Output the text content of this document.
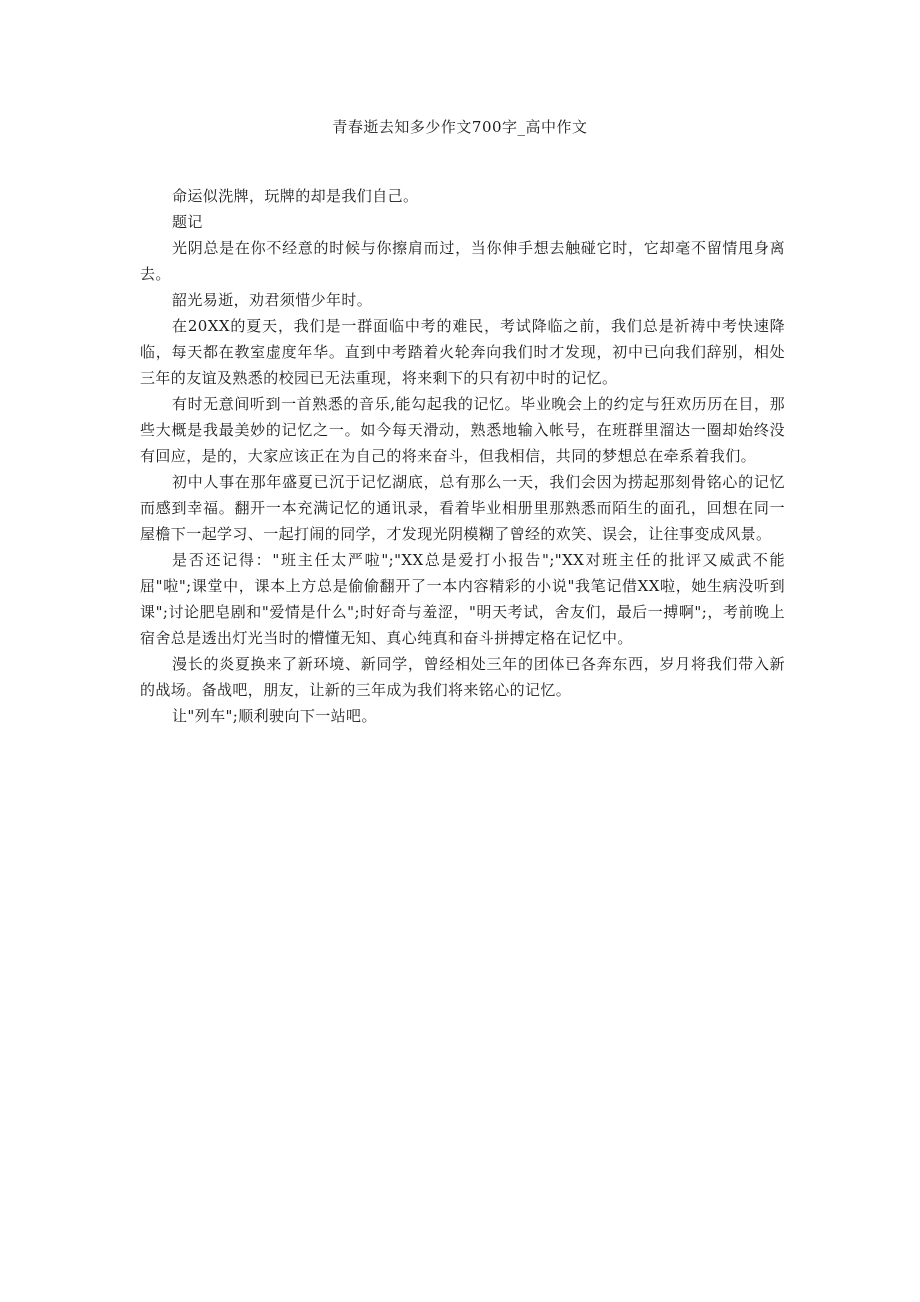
青春逝去知多少作文700字_高中作文

命运似洗牌，玩牌的却是我们自己。

题记

光阴总是在你不经意的时候与你擦肩而过，当你伸手想去触碰它时，它却毫不留情甩身离去。

韶光易逝，劝君须惜少年时。

在20XX的夏天，我们是一群面临中考的难民，考试降临之前，我们总是祈祷中考快速降临，每天都在教室虚度年华。直到中考踏着火轮奔向我们时才发现，初中已向我们辞别，相处三年的友谊及熟悉的校园已无法重现，将来剩下的只有初中时的记忆。

有时无意间听到一首熟悉的音乐,能勾起我的记忆。毕业晚会上的约定与狂欢历历在目，那些大概是我最美妙的记忆之一。如今每天滑动，熟悉地输入帐号，在班群里溜达一圈却始终没有回应，是的，大家应该正在为自己的将来奋斗，但我相信，共同的梦想总在牵系着我们。

初中人事在那年盛夏已沉于记忆湖底，总有那么一天，我们会因为捞起那刻骨铭心的记忆而感到幸福。翻开一本充满记忆的通讯录，看着毕业相册里那熟悉而陌生的面孔，回想在同一屋檐下一起学习、一起打闹的同学，才发现光阴模糊了曾经的欢笑、误会，让往事变成风景。

是否还记得："班主任太严啦";"XX总是爱打小报告";"XX对班主任的批评又威武不能屈"啦";课堂中，课本上方总是偷偷翻开了一本内容精彩的小说"我笔记借XX啦，她生病没听到课";讨论肥皂剧和"爱情是什么";时好奇与羞涩，"明天考试，舍友们，最后一搏啊";，考前晚上宿舍总是透出灯光当时的懵懂无知、真心纯真和奋斗拼搏定格在记忆中。

漫长的炎夏换来了新环境、新同学，曾经相处三年的团体已各奔东西，岁月将我们带入新的战场。备战吧，朋友，让新的三年成为我们将来铭心的记忆。

让"列车";顺利驶向下一站吧。
